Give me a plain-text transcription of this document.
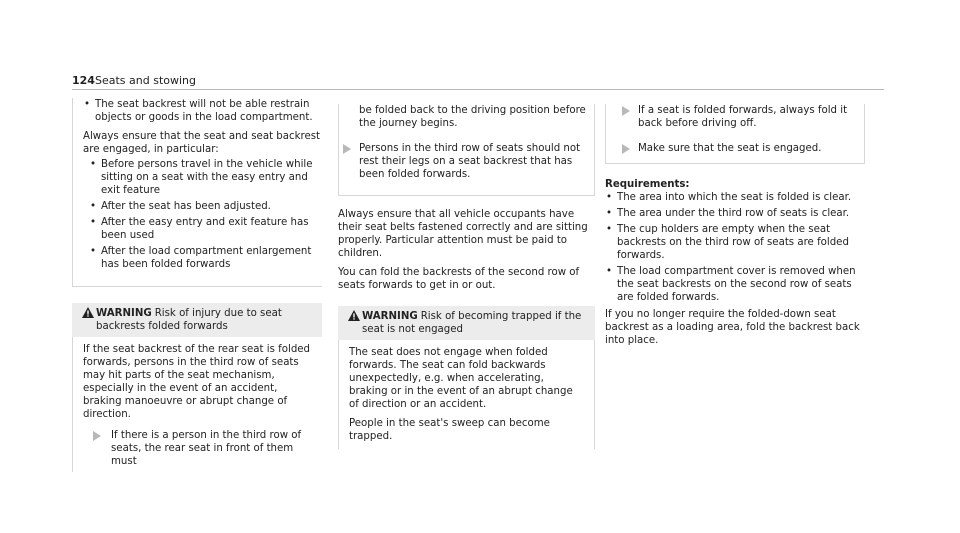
124 Seats and stowing
• The seat backrest will not be able restrain objects or goods in the load compartment.

Always ensure that the seat and seat backrest are engaged, in particular:

• Before persons travel in the vehicle while sitting on a seat with the easy entry and exit feature
• After the seat has been adjusted.
• After the easy entry and exit feature has been used
• After the load compartment enlargement has been folded forwards
WARNING Risk of injury due to seat backrests folded forwards

If the seat backrest of the rear seat is folded forwards, persons in the third row of seats may hit parts of the seat mechanism, especially in the event of an accident, braking manoeuvre or abrupt change of direction.

If there is a person in the third row of seats, the rear seat in front of them must
be folded back to the driving position before the journey begins.
Persons in the third row of seats should not rest their legs on a seat backrest that has been folded forwards.

Always ensure that all vehicle occupants have their seat belts fastened correctly and are sitting properly. Particular attention must be paid to children.

You can fold the backrests of the second row of seats forwards to get in or out.

WARNING Risk of becoming trapped if the seat is not engaged

The seat does not engage when folded forwards. The seat can fold backwards unexpectedly, e.g. when accelerating, braking or in the event of an abrupt change of direction or an accident.

People in the seat's sweep can become trapped.

If a seat is folded forwards, always fold it back before driving off.
Make sure that the seat is engaged.
Requirements:
• The area into which the seat is folded is clear.
• The area under the third row of seats is clear.
• The cup holders are empty when the seat backrests on the third row of seats are folded forwards.
• The load compartment cover is removed when the seat backrests on the second row of seats are folded forwards.

If you no longer require the folded-down seat backrest as a loading area, fold the backrest back into place.
